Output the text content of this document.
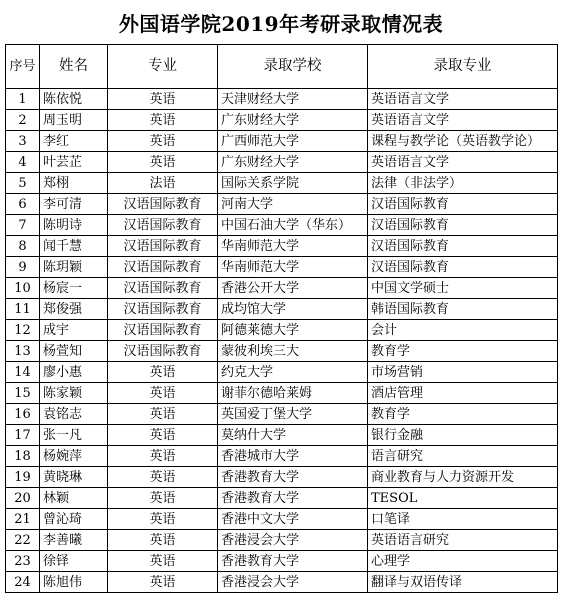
外国语学院2019年考研录取情况表
序号	姓名	专业	录取学校	录取专业
1	陈依悦	英语	天津财经大学	英语语言文学
2	周玉明	英语	广东财经大学	英语语言文学
3	李红	英语	广西师范大学	课程与教学论（英语教学论）
4	叶芸芷	英语	广东财经大学	英语语言文学
5	郑栩	法语	国际关系学院	法律（非法学）
6	李可清	汉语国际教育	河南大学	汉语国际教育
7	陈明诗	汉语国际教育	中国石油大学（华东）	汉语国际教育
8	闻千慧	汉语国际教育	华南师范大学	汉语国际教育
9	陈玥颖	汉语国际教育	华南师范大学	汉语国际教育
10	杨宸一	汉语国际教育	香港公开大学	中国文学硕士
11	郑俊强	汉语国际教育	成均馆大学	韩语国际教育
12	成宇	汉语国际教育	阿德莱德大学	会计
13	杨萱知	汉语国际教育	蒙彼利埃三大	教育学
14	廖小惠	英语	约克大学	市场营销
15	陈家颖	英语	谢菲尔德哈莱姆	酒店管理
16	袁铭志	英语	英国爱丁堡大学	教育学
17	张一凡	英语	莫纳什大学	银行金融
18	杨婉萍	英语	香港城市大学	语言研究
19	黄晓琳	英语	香港教育大学	商业教育与人力资源开发
20	林颖	英语	香港教育大学	TESOL
21	曾沁琦	英语	香港中文大学	口笔译
22	李善曦	英语	香港浸会大学	英语语言研究
23	徐铎	英语	香港教育大学	心理学
24	陈旭伟	英语	香港浸会大学	翻译与双语传译
